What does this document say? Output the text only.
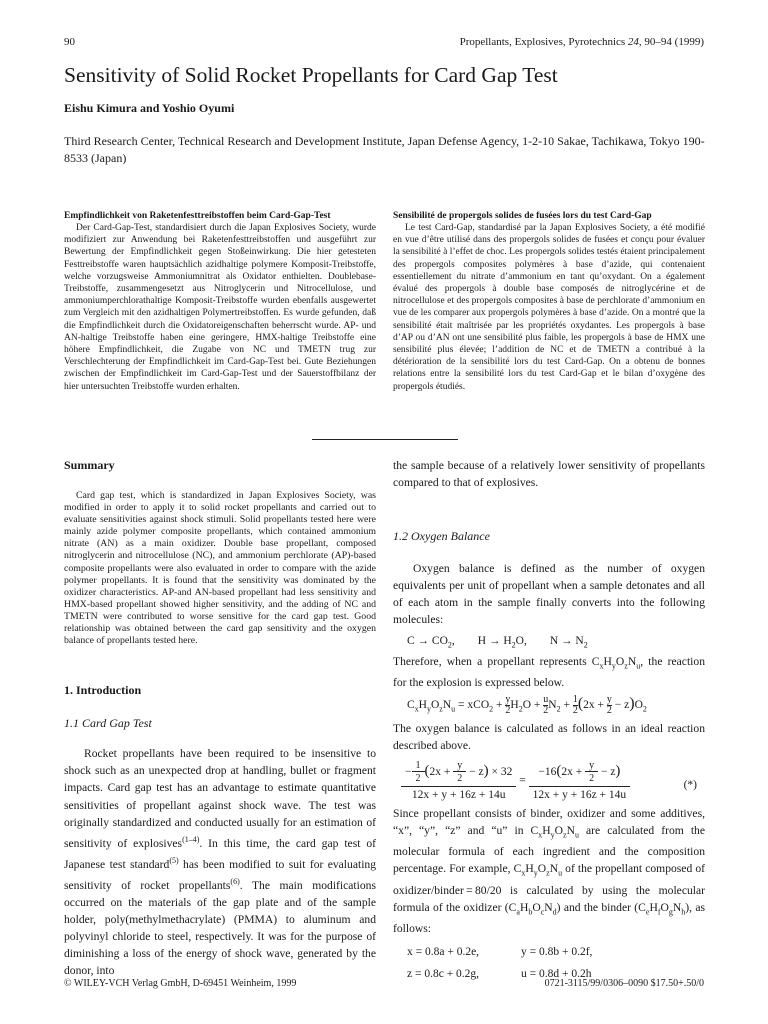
90	Propellants, Explosives, Pyrotechnics 24, 90–94 (1999)
Sensitivity of Solid Rocket Propellants for Card Gap Test
Eishu Kimura and Yoshio Oyumi
Third Research Center, Technical Research and Development Institute, Japan Defense Agency, 1-2-10 Sakae, Tachikawa, Tokyo 190-8533 (Japan)
Empfindlichkeit von Raketenfesttreibstoffen beim Card-Gap-Test

Der Card-Gap-Test, standardisiert durch die Japan Explosives Society, wurde modifiziert zur Anwendung bei Raketenfesttreibstoffen und ausgeführt zur Bewertung der Empfindlichkeit gegen Stoßeinwirkung. Die hier getesteten Festtreibstoffe waren hauptsächlich azidhaltige polymere Komposit-Treibstoffe, welche vorzugsweise Ammoniumnitrat als Oxidator enthielten. Doublebase-Treibstoffe, zusammengesetzt aus Nitroglycerin und Nitrocellulose, und ammoniumperchlorathaltige Komposit-Treibstoffe wurden ebenfalls ausgewertet zum Vergleich mit den azidhaltigen Polymertreibstoffen. Es wurde gefunden, daß die Empfindlichkeit durch die Oxidatoreigenschaften beherrscht wurde. AP- und AN-haltige Treibstoffe haben eine geringere, HMX-haltige Treibstoffe eine höhere Empfindlichkeit, die Zugabe von NC und TMETN trug zur Verschlechterung der Empfindlichkeit im Card-Gap-Test bei. Gute Beziehungen zwischen der Empfindlichkeit im Card-Gap-Test und der Sauerstoffbilanz der hier untersuchten Treibstoffe wurden erhalten.

Sensibilité de propergols solides de fusées lors du test Card-Gap

Le test Card-Gap, standardisé par la Japan Explosives Society, a été modifié en vue d’être utilisé dans des propergols solides de fusées et conçu pour évaluer la sensibilité à l’effet de choc. Les propergols solides testés étaient principalement des propergols composites polymères à base d’azide, qui contenaient essentiellement du nitrate d’ammonium en tant qu’oxydant. On a également évalué des propergols à double base composés de nitroglycérine et de nitrocellulose et des propergols composites à base de perchlorate d’ammonium en vue de les comparer aux propergols polymères à base d’azide. On a montré que la sensibilité était maîtrisée par les propriétés oxydantes. Les propergols à base d’AP ou d’AN ont une sensibilité plus faible, les propergols à base de HMX une sensibilité plus élevée; l’addition de NC et de TMETN a contribué à la détérioration de la sensibilité lors du test Card-Gap. On a obtenu de bonnes relations entre la sensibilité lors du test Card-Gap et le bilan d’oxygène des propergols étudiés.

Summary

Card gap test, which is standardized in Japan Explosives Society, was modified in order to apply it to solid rocket propellants and carried out to evaluate sensitivities against shock stimuli. Solid propellants tested here were mainly azide polymer composite propellants, which contained ammonium nitrate (AN) as a main oxidizer. Double base propellant, composed nitroglycerin and nitrocellulose (NC), and ammonium perchlorate (AP)-based composite propellants were also evaluated in order to compare with the azide polymer propellants. It is found that the sensitivity was dominated by the oxidizer characteristics. AP-and AN-based propellant had less sensitivity and HMX-based propellant showed higher sensitivity, and the adding of NC and TMETN were contributed to worse sensitive for the card gap test. Good relationship was obtained between the card gap sensitivity and the oxygen balance of propellants tested here.

1. Introduction
1.1 Card Gap Test

Rocket propellants have been required to be insensitive to shock such as an unexpected drop at handling, bullet or fragment impacts. Card gap test has an advantage to estimate quantitative sensitivities of propellant against shock wave. The test was originally standardized and conducted usually for an estimation of sensitivity of explosives$^{(1-4)}$. In this time, the card gap test of Japanese test standard$^{(5)}$ has been modified to suit for evaluating sensitivity of rocket propellants$^{(6)}$. The main modifications occurred on the materials of the gap plate and of the sample holder, poly(methylmethacrylate) (PMMA) to aluminum and polyvinyl chloride to steel, respectively. It was for the purpose of diminishing a loss of the energy of shock wave, generated by the donor, into

the sample because of a relatively lower sensitivity of propellants compared to that of explosives.

1.2 Oxygen Balance

Oxygen balance is defined as the number of oxygen equivalents per unit of propellant when a sample detonates and all of each atom in the sample finally converts into the following molecules:

$C \to CO_2$,        $H \to H_2O$,        $N \to N_2$

Therefore, when a propellant represents $C_xH_yO_zN_u$, the reaction for the explosion is expressed below.

$C_xH_yO_zN_u = xCO_2 + \frac{y}{2} H_2O + \frac{u}{2} N_2 + \frac{1}{2} (2x + \frac{y}{2} - z)O_2$

The oxygen balance is calculated as follows in an ideal reaction described above.

$\frac{- \frac{1}{2} (2x + \frac{y}{2} - z) \times 32}{12x + y + 16z + 14u} = \frac{-16(2x + \frac{y}{2} - z)}{12x + y + 16z + 14u}$	(*)

Since propellant consists of binder, oxidizer and some additives, “x”, “y”, “z” and “u” in $C_xH_yO_zN_u$ are calculated from the molecular formula of each ingredient and the composition percentage. For example, $C_xH_yO_zN_u$ of the propellant composed of oxidizer/binder = 80/20 is calculated by using the molecular formula of the oxidizer $(C_aH_bO_cN_d)$ and the binder $(C_eH_fO_gN_h)$, as follows:

x = 0.8a + 0.2e,	y = 0.8b + 0.2f,
z = 0.8c + 0.2g,	u = 0.8d + 0.2h
© WILEY-VCH Verlag GmbH, D-69451 Weinheim, 1999	0721-3115/99/0306–0090 $17.50+.50/0
